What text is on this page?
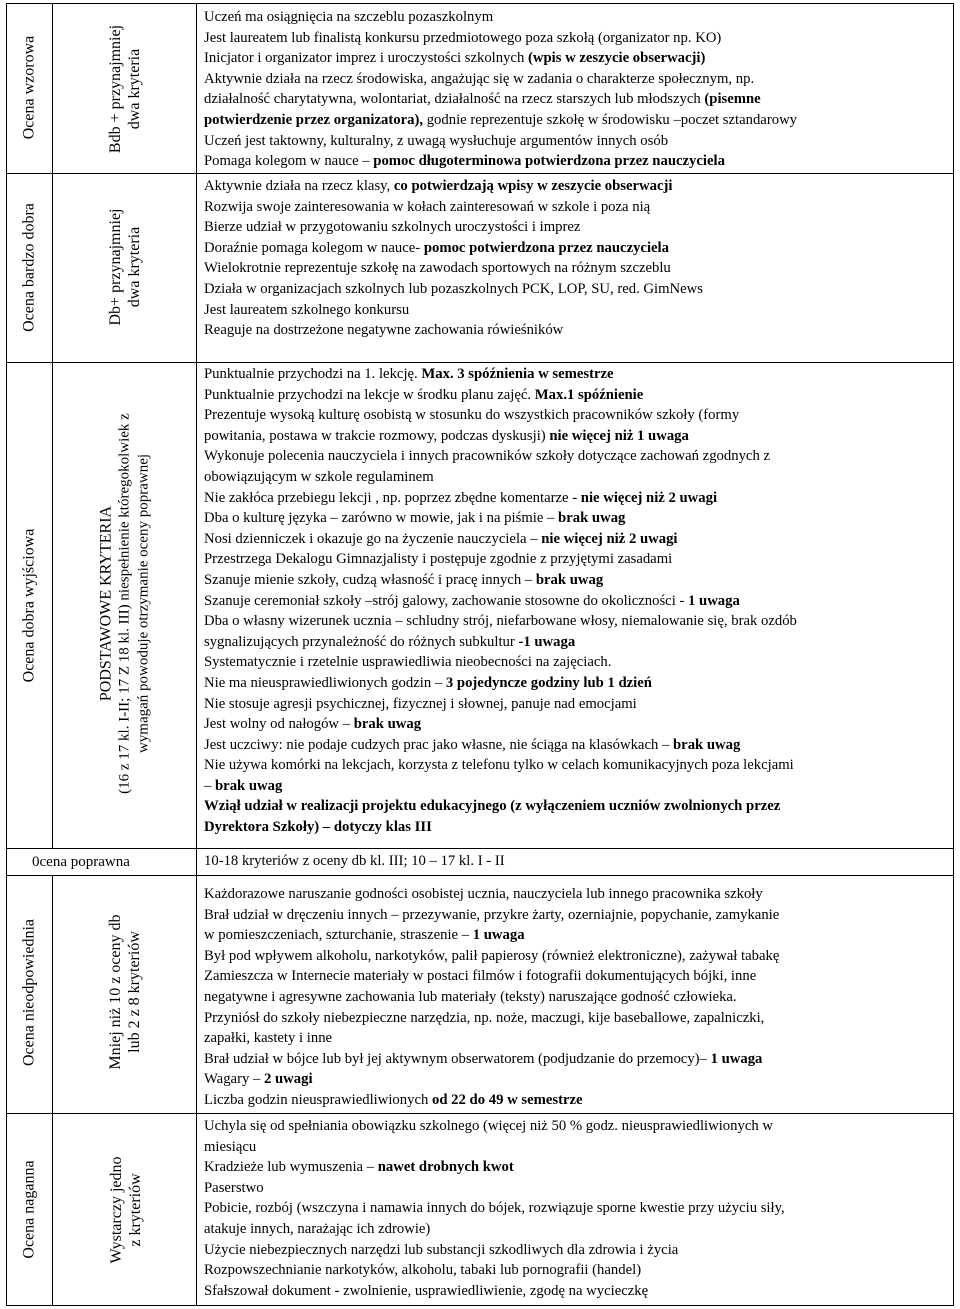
Ocena wzorowa
Ocena bardzo dobra
Ocena dobra wyjściowa
Ocena nieodpowiednia
Ocena naganna
Bdb + przynajmniej dwa kryteria
Db+ przynajmniej dwa kryteria
PODSTAWOWE KRYTERIA (16 z 17 kl. I-II; 17 Z 18 kl. III) niespełnienie któregokolwiek z wymagań powoduje otrzymanie oceny poprawnej
Mniej niż 10 z oceny db lub 2 z 8 kryteriów
Wystarczy jedno z kryteriów
Uczeń ma osiągnięcia na szczeblu pozaszkolnym
Jest laureatem lub finalistą konkursu przedmiotowego poza szkołą (organizator np. KO)
Inicjator i organizator imprez i uroczystości szkolnych (wpis w zeszycie obserwacji)
Aktywnie działa na rzecz środowiska, angażując się w zadania o charakterze społecznym, np.
działalność charytatywna, wolontariat, działalność na rzecz starszych lub młodszych (pisemne
potwierdzenie przez organizatora), godnie reprezentuje szkołę w środowisku –poczet sztandarowy
Uczeń jest taktowny, kulturalny, z uwagą wysłuchuje argumentów innych osób
Pomaga kolegom w nauce – pomoc długoterminowa potwierdzona przez nauczyciela
Aktywnie działa na rzecz klasy, co potwierdzają wpisy w zeszycie obserwacji
Rozwija swoje zainteresowania w kołach zainteresowań w szkole i poza nią
Bierze udział w przygotowaniu szkolnych uroczystości i imprez
Doraźnie pomaga kolegom w nauce- pomoc potwierdzona przez nauczyciela
Wielokrotnie reprezentuje szkołę na zawodach sportowych na różnym szczeblu
Działa w organizacjach szkolnych lub pozaszkolnych PCK, LOP, SU, red. GimNews
Jest laureatem szkolnego konkursu
Reaguje na dostrzeżone negatywne zachowania rówieśników
Punktualnie przychodzi na 1. lekcję. Max. 3 spóźnienia w semestrze
Punktualnie przychodzi na lekcje w środku planu zajęć. Max.1 spóźnienie
Prezentuje wysoką kulturę osobistą w stosunku do wszystkich pracowników szkoły (formy
powitania, postawa w trakcie rozmowy, podczas dyskusji) nie więcej niż 1 uwaga
Wykonuje polecenia nauczyciela i innych pracowników szkoły dotyczące zachowań zgodnych z
obowiązującym w szkole regulaminem
Nie zakłóca przebiegu lekcji , np. poprzez zbędne komentarze - nie więcej niż 2 uwagi
Dba o kulturę języka – zarówno w mowie, jak i na piśmie – brak uwag
Nosi dzienniczek i okazuje go na życzenie nauczyciela – nie więcej niż 2 uwagi
Przestrzega Dekalogu Gimnazjalisty i postępuje zgodnie z przyjętymi zasadami
Szanuje mienie szkoły, cudzą własność i pracę innych – brak uwag
Szanuje ceremoniał szkoły –strój galowy, zachowanie stosowne do okoliczności - 1 uwaga
Dba o własny wizerunek ucznia – schludny strój, niefarbowane włosy, niemalowanie się, brak ozdób
sygnalizujących przynależność do różnych subkultur -1 uwaga
Systematycznie i rzetelnie usprawiedliwia nieobecności na zajęciach.
Nie ma nieusprawiedliwionych godzin – 3 pojedyncze godziny lub 1 dzień
Nie stosuje agresji psychicznej, fizycznej i słownej, panuje nad emocjami
Jest wolny od nałogów – brak uwag
Jest uczciwy: nie podaje cudzych prac jako własne, nie ściąga na klasówkach – brak uwag
Nie używa komórki na lekcjach, korzysta z telefonu tylko w celach komunikacyjnych poza lekcjami
– brak uwag
Wziął udział w realizacji projektu edukacyjnego (z wyłączeniem uczniów zwolnionych przez
Dyrektora Szkoły) – dotyczy klas III
0cena poprawna	10-18 kryteriów z oceny db kl. III; 10 – 17 kl. I - II
Każdorazowe naruszanie godności osobistej ucznia, nauczyciela lub innego pracownika szkoły
Brał udział w dręczeniu innych – przezywanie, przykre żarty, ozerniajnie, popychanie, zamykanie
w pomieszczeniach, szturchanie, straszenie – 1 uwaga
Był pod wpływem alkoholu, narkotyków, palił papierosy (również elektroniczne), zażywał tabakę
Zamieszcza w Internecie materiały w postaci filmów i fotografii dokumentujących bójki, inne
negatywne i agresywne zachowania lub materiały (teksty) naruszające godność człowieka.
Przyniósł do szkoły niebezpieczne narzędzia, np. noże, maczugi, kije baseballowe, zapalniczki,
zapałki, kastety i inne
Brał udział w bójce lub był jej aktywnym obserwatorem (podjudzanie do przemocy)– 1 uwaga
Wagary – 2 uwagi
Liczba godzin nieusprawiedliwionych od 22 do 49 w semestrze
Uchyla się od spełniania obowiązku szkolnego (więcej niż 50 % godz. nieusprawiedliwionych w
miesiącu
Kradzieże lub wymuszenia – nawet drobnych kwot
Paserstwo
Pobicie, rozbój (wszczyna i namawia innych do bójek, rozwiązuje sporne kwestie przy użyciu siły,
atakuje innych, narażając ich zdrowie)
Użycie niebezpiecznych narzędzi lub substancji szkodliwych dla zdrowia i życia
Rozpowszechnianie narkotyków, alkoholu, tabaki lub pornografii (handel)
Sfałszował dokument - zwolnienie, usprawiedliwienie, zgodę na wycieczkę
